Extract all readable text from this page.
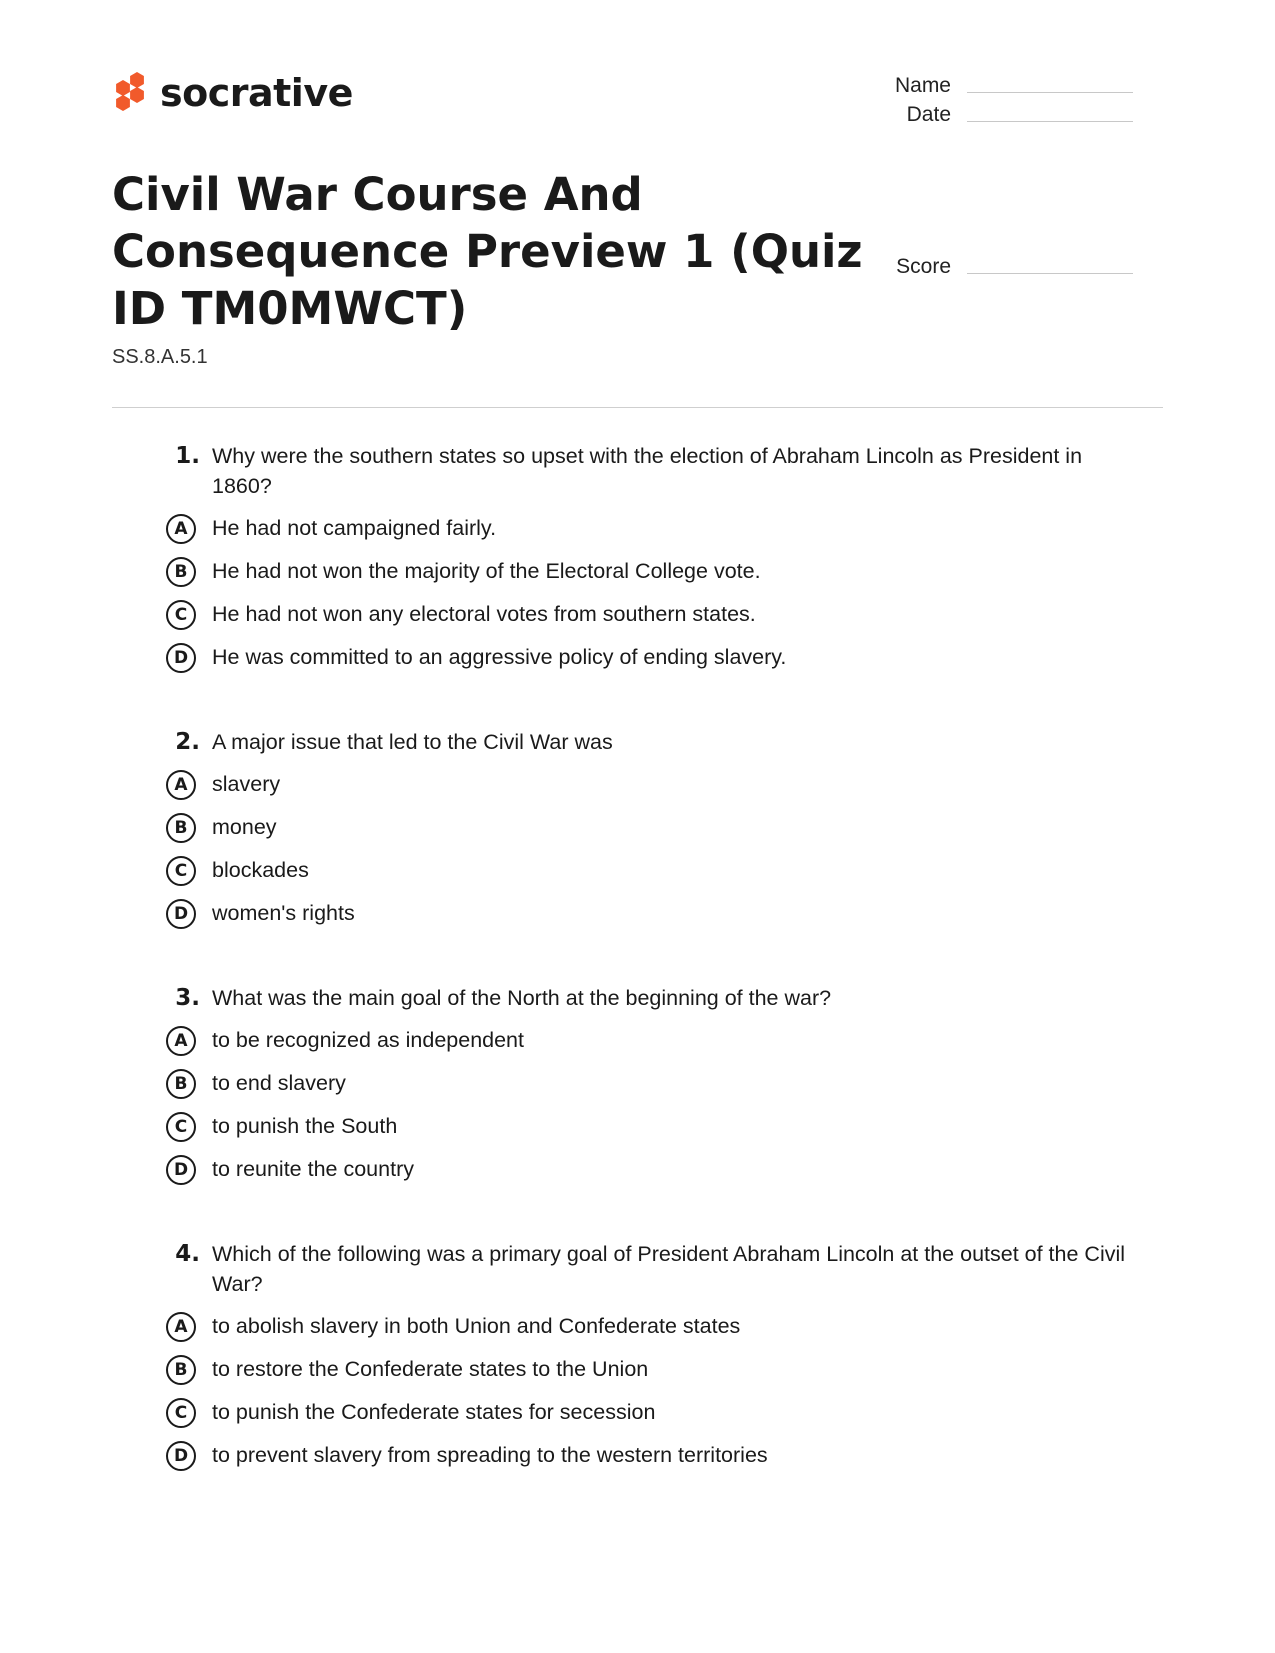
socrative	Name
Date
Score
Civil War Course And Consequence Preview 1 (Quiz ID TM0MWCT)
SS.8.A.5.1
1. Why were the southern states so upset with the election of Abraham Lincoln as President in 1860?
A	He had not campaigned fairly.
B	He had not won the majority of the Electoral College vote.
C	He had not won any electoral votes from southern states.
D	He was committed to an aggressive policy of ending slavery.
2. A major issue that led to the Civil War was
A	slavery
B	money
C	blockades
D	women's rights
3. What was the main goal of the North at the beginning of the war?
A	to be recognized as independent
B	to end slavery
C	to punish the South
D	to reunite the country
4. Which of the following was a primary goal of President Abraham Lincoln at the outset of the Civil War?
A	to abolish slavery in both Union and Confederate states
B	to restore the Confederate states to the Union
C	to punish the Confederate states for secession
D	to prevent slavery from spreading to the western territories
